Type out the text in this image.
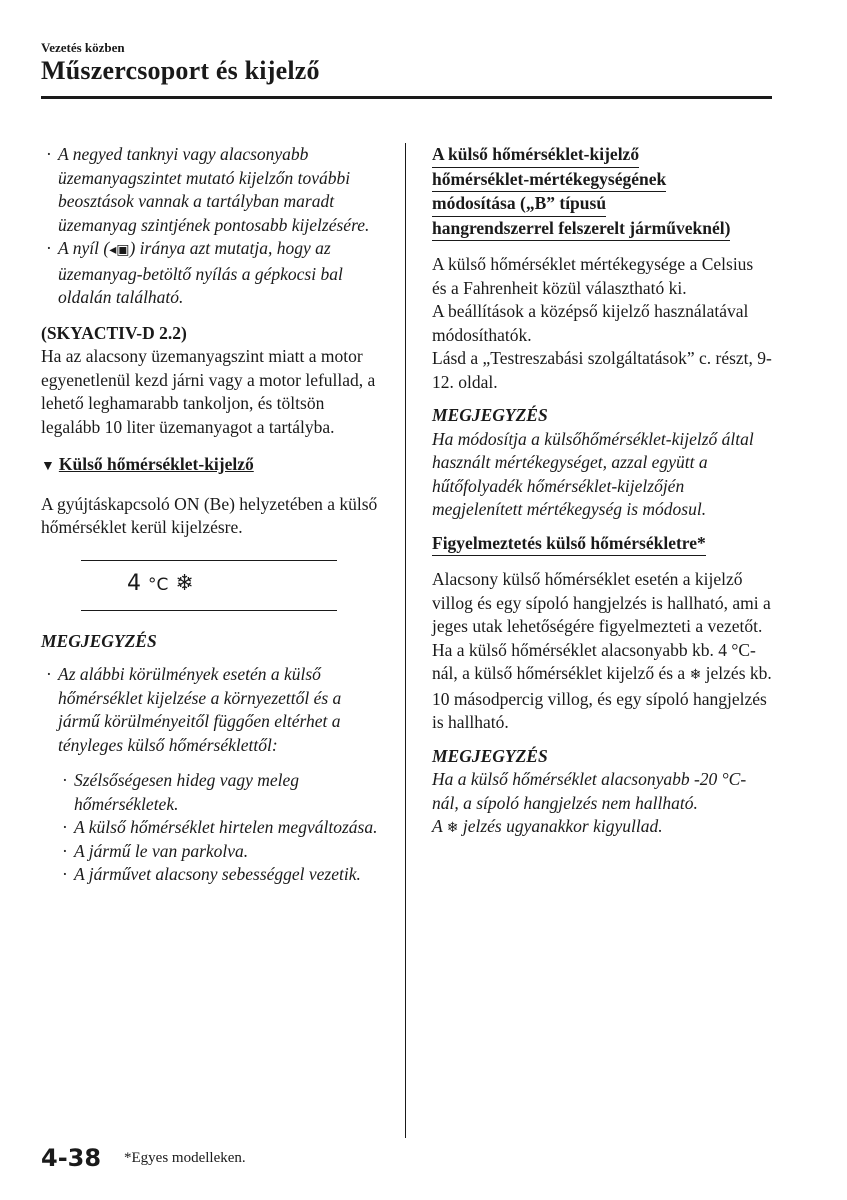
Vezetés közben
Műszercsoport és kijelző

· A negyed tanknyi vagy alacsonyabb üzemanyagszintet mutató kijelzőn további beosztások vannak a tartályban maradt üzemanyag szintjének pontosabb kijelzésére.

· A nyíl (◂▣) iránya azt mutatja, hogy az üzemanyag-betöltő nyílás a gépkocsi bal oldalán található.

(SKYACTIV-D 2.2)

Ha az alacsony üzemanyagszint miatt a motor egyenetlenül kezd járni vagy a motor lefullad, a lehető leghamarabb tankoljon, és töltsön legalább 10 liter üzemanyagot a tartályba.

▼ Külső hőmérséklet-kijelző

A gyújtáskapcsoló ON (Be) helyzetében a külső hőmérséklet kerül kijelzésre.

4 °C ❄

MEGJEGYZÉS

· Az alábbi körülmények esetén a külső hőmérséklet kijelzése a környezettől és a jármű körülményeitől függően eltérhet a tényleges külső hőmérséklettől:

· Szélsőségesen hideg vagy meleg hőmérsékletek.

· A külső hőmérséklet hirtelen megváltozása.

· A jármű le van parkolva.

· A járművet alacsony sebességgel vezetik.

A külső hőmérséklet-kijelző
hőmérséklet-mértékegységének
módosítása („B” típusú
hangrendszerrel felszerelt járműveknél)

A külső hőmérséklet mértékegysége a Celsius és a Fahrenheit közül választható ki.

A beállítások a középső kijelző használatával módosíthatók.

Lásd a „Testreszabási szolgáltatások” c. részt, 9-12. oldal.

MEGJEGYZÉS

Ha módosítja a külsőhőmérséklet-kijelző által használt mértékegységet, azzal együtt a hűtőfolyadék hőmérséklet-kijelzőjén megjelenített mértékegység is módosul.

Figyelmeztetés külső hőmérsékletre*

Alacsony külső hőmérséklet esetén a kijelző villog és egy sípoló hangjelzés is hallható, ami a jeges utak lehetőségére figyelmezteti a vezetőt.

Ha a külső hőmérséklet alacsonyabb kb. 4 °C-nál, a külső hőmérséklet kijelző és a ❄ jelzés kb. 10 másodpercig villog, és egy sípoló hangjelzés is hallható.

MEGJEGYZÉS

Ha a külső hőmérséklet alacsonyabb -20 °C-nál, a sípoló hangjelzés nem hallható.

A ❄ jelzés ugyanakkor kigyullad.

4-38 *Egyes modelleken.
